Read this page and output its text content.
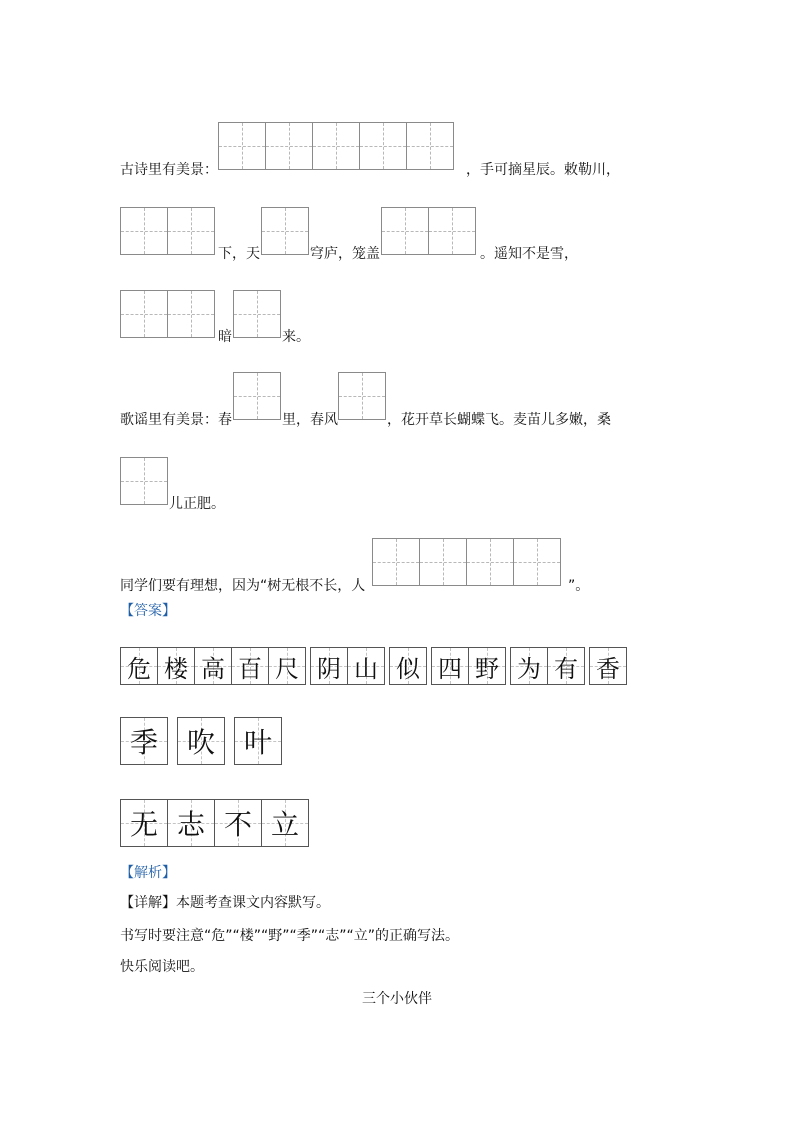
古诗里有美景：	，手可摘星辰。敕勒川，
下，天	穹庐，笼盖	。遥知不是雪，
暗	来。
歌谣里有美景：春	里，春风	，花开草长蝴蝶飞。麦苗儿多嫩，桑
儿正肥。
同学们要有理想，因为“树无根不长，人	”。
【答案】
危 楼 高 百 尺 阴 山 似 四 野 为 有 香
季 吹 叶
无 志 不 立
【解析】
【详解】本题考查课文内容默写。
书写时要注意“危”“楼”“野”“季”“志”“立”的正确写法。
快乐阅读吧。
三个小伙伴
